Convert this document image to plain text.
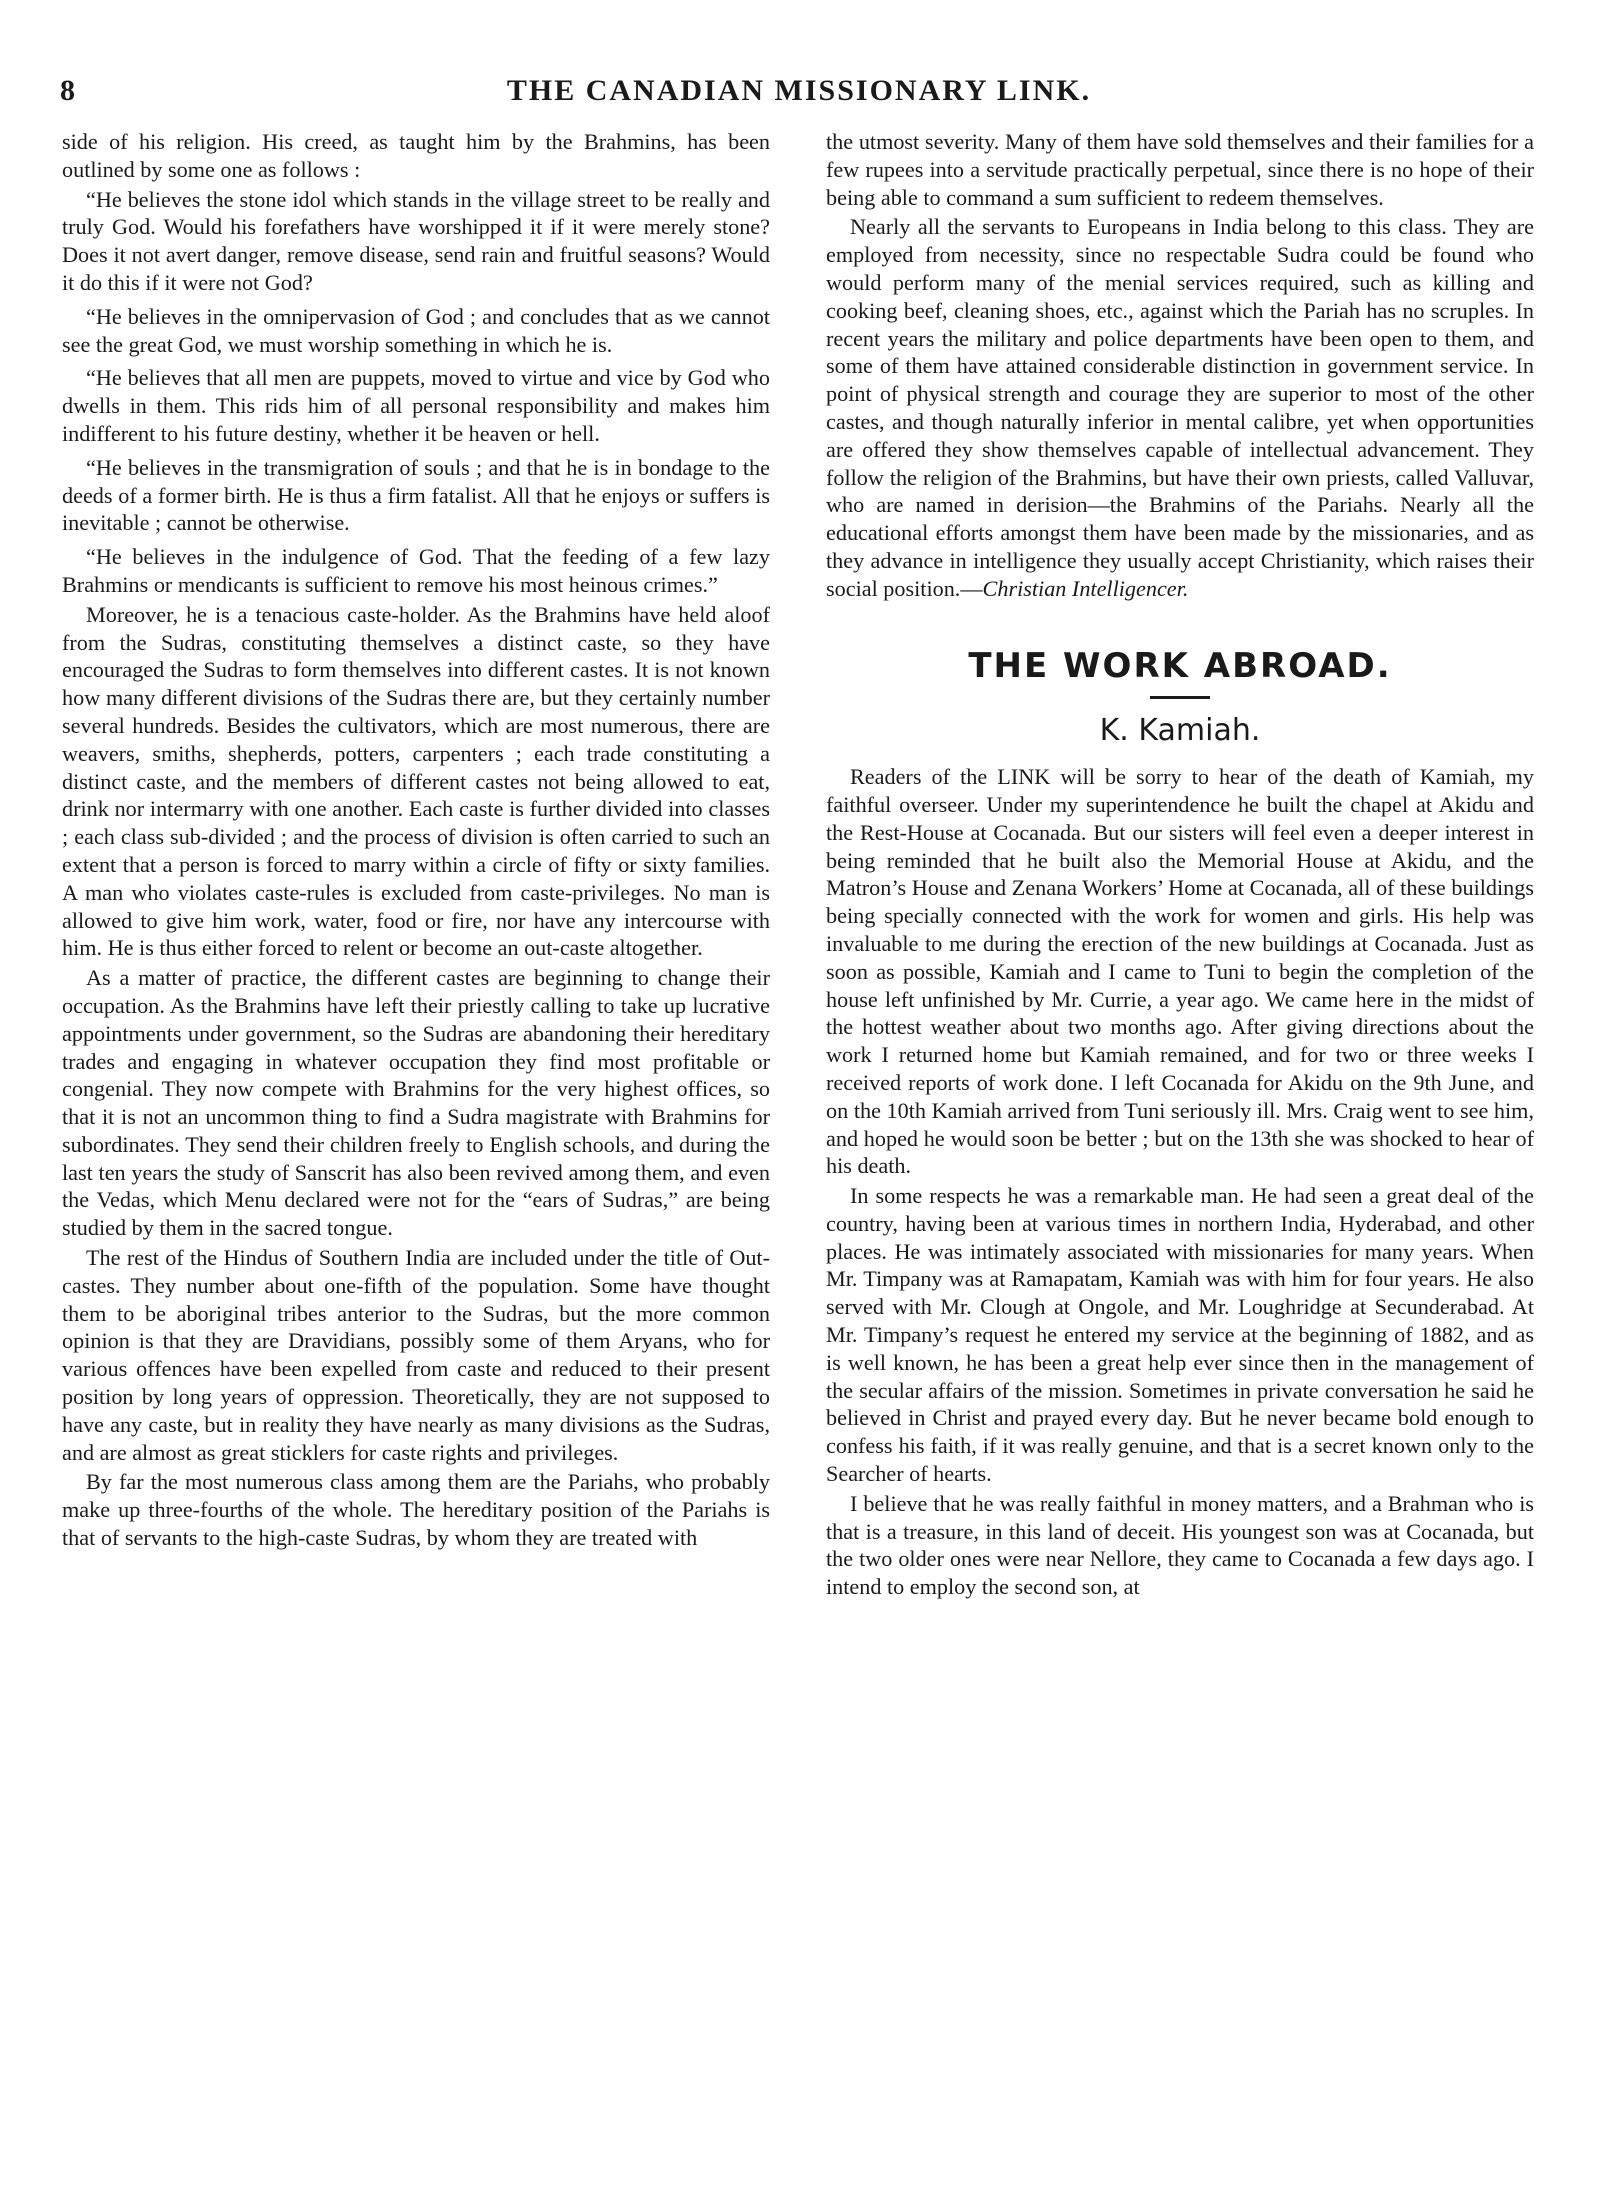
8	THE CANADIAN MISSIONARY LINK.

side of his religion. His creed, as taught him by the Brahmins, has been outlined by some one as follows :

“He believes the stone idol which stands in the village street to be really and truly God. Would his forefathers have worshipped it if it were merely stone? Does it not avert danger, remove disease, send rain and fruitful seasons? Would it do this if it were not God?

“He believes in the omnipervasion of God ; and concludes that as we cannot see the great God, we must worship something in which he is.

“He believes that all men are puppets, moved to virtue and vice by God who dwells in them. This rids him of all personal responsibility and makes him indifferent to his future destiny, whether it be heaven or hell.

“He believes in the transmigration of souls ; and that he is in bondage to the deeds of a former birth. He is thus a firm fatalist. All that he enjoys or suffers is inevitable ; cannot be otherwise.

“He believes in the indulgence of God. That the feeding of a few lazy Brahmins or mendicants is sufficient to remove his most heinous crimes.”

Moreover, he is a tenacious caste-holder. As the Brahmins have held aloof from the Sudras, constituting themselves a distinct caste, so they have encouraged the Sudras to form themselves into different castes. It is not known how many different divisions of the Sudras there are, but they certainly number several hundreds. Besides the cultivators, which are most numerous, there are weavers, smiths, shepherds, potters, carpenters ; each trade constituting a distinct caste, and the members of different castes not being allowed to eat, drink nor intermarry with one another. Each caste is further divided into classes ; each class sub-divided ; and the process of division is often carried to such an extent that a person is forced to marry within a circle of fifty or sixty families. A man who violates caste-rules is excluded from caste-privileges. No man is allowed to give him work, water, food or fire, nor have any intercourse with him. He is thus either forced to relent or become an out-caste altogether.

As a matter of practice, the different castes are beginning to change their occupation. As the Brahmins have left their priestly calling to take up lucrative appointments under government, so the Sudras are abandoning their hereditary trades and engaging in whatever occupation they find most profitable or congenial. They now compete with Brahmins for the very highest offices, so that it is not an uncommon thing to find a Sudra magistrate with Brahmins for subordinates. They send their children freely to English schools, and during the last ten years the study of Sanscrit has also been revived among them, and even the Vedas, which Menu declared were not for the “ears of Sudras,” are being studied by them in the sacred tongue.

The rest of the Hindus of Southern India are included under the title of Out-castes. They number about one-fifth of the population. Some have thought them to be aboriginal tribes anterior to the Sudras, but the more common opinion is that they are Dravidians, possibly some of them Aryans, who for various offences have been expelled from caste and reduced to their present position by long years of oppression. Theoretically, they are not supposed to have any caste, but in reality they have nearly as many divisions as the Sudras, and are almost as great sticklers for caste rights and privileges.

By far the most numerous class among them are the Pariahs, who probably make up three-fourths of the whole. The hereditary position of the Pariahs is that of servants to the high-caste Sudras, by whom they are treated with

the utmost severity. Many of them have sold themselves and their families for a few rupees into a servitude practically perpetual, since there is no hope of their being able to command a sum sufficient to redeem themselves.

Nearly all the servants to Europeans in India belong to this class. They are employed from necessity, since no respectable Sudra could be found who would perform many of the menial services required, such as killing and cooking beef, cleaning shoes, etc., against which the Pariah has no scruples. In recent years the military and police departments have been open to them, and some of them have attained considerable distinction in government service. In point of physical strength and courage they are superior to most of the other castes, and though naturally inferior in mental calibre, yet when opportunities are offered they show themselves capable of intellectual advancement. They follow the religion of the Brahmins, but have their own priests, called Valluvar, who are named in derision—the Brahmins of the Pariahs. Nearly all the educational efforts amongst them have been made by the missionaries, and as they advance in intelligence they usually accept Christianity, which raises their social position.—Christian Intelligencer.

THE WORK ABROAD.
K. Kamiah.

Readers of the LINK will be sorry to hear of the death of Kamiah, my faithful overseer. Under my superintendence he built the chapel at Akidu and the Rest-House at Cocanada. But our sisters will feel even a deeper interest in being reminded that he built also the Memorial House at Akidu, and the Matron’s House and Zenana Workers’ Home at Cocanada, all of these buildings being specially connected with the work for women and girls. His help was invaluable to me during the erection of the new buildings at Cocanada. Just as soon as possible, Kamiah and I came to Tuni to begin the completion of the house left unfinished by Mr. Currie, a year ago. We came here in the midst of the hottest weather about two months ago. After giving directions about the work I returned home but Kamiah remained, and for two or three weeks I received reports of work done. I left Cocanada for Akidu on the 9th June, and on the 10th Kamiah arrived from Tuni seriously ill. Mrs. Craig went to see him, and hoped he would soon be better ; but on the 13th she was shocked to hear of his death.

In some respects he was a remarkable man. He had seen a great deal of the country, having been at various times in northern India, Hyderabad, and other places. He was intimately associated with missionaries for many years. When Mr. Timpany was at Ramapatam, Kamiah was with him for four years. He also served with Mr. Clough at Ongole, and Mr. Loughridge at Secunderabad. At Mr. Timpany’s request he entered my service at the beginning of 1882, and as is well known, he has been a great help ever since then in the management of the secular affairs of the mission. Sometimes in private conversation he said he believed in Christ and prayed every day. But he never became bold enough to confess his faith, if it was really genuine, and that is a secret known only to the Searcher of hearts.

I believe that he was really faithful in money matters, and a Brahman who is that is a treasure, in this land of deceit. His youngest son was at Cocanada, but the two older ones were near Nellore, they came to Cocanada a few days ago. I intend to employ the second son, at
